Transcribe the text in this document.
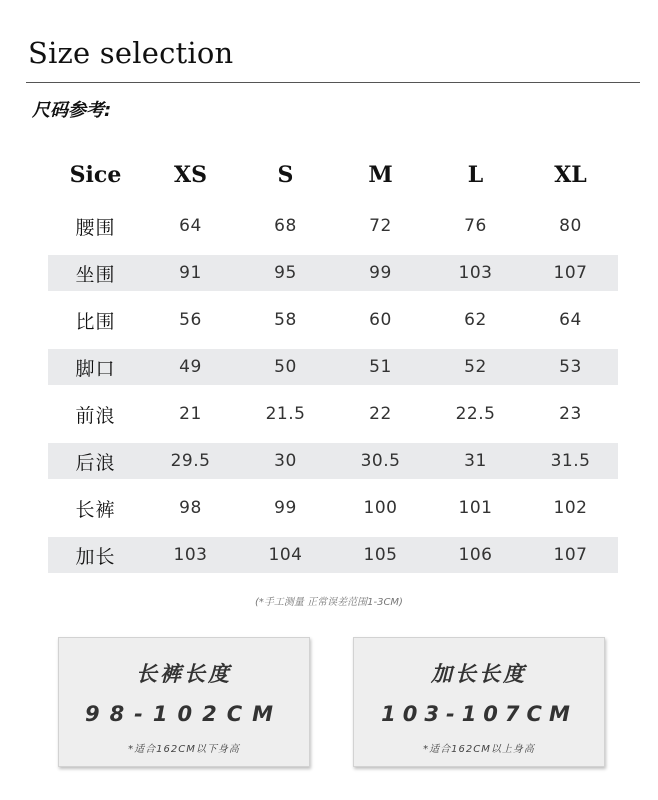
Size selection
尺码参考:
Sice	XS	S	M	L	XL
腰围	64	68	72	76	80
坐围	91	95	99	103	107
比围	56	58	60	62	64
脚口	49	50	51	52	53
前浪	21	21.5	22	22.5	23
后浪	29.5	30	30.5	31	31.5
长裤	98	99	100	101	102
加长	103	104	105	106	107
(*手工测量 正常误差范围1-3CM)
长裤长度
98-102CM
*适合162CM以下身高
加长长度
103-107CM
*适合162CM以上身高
